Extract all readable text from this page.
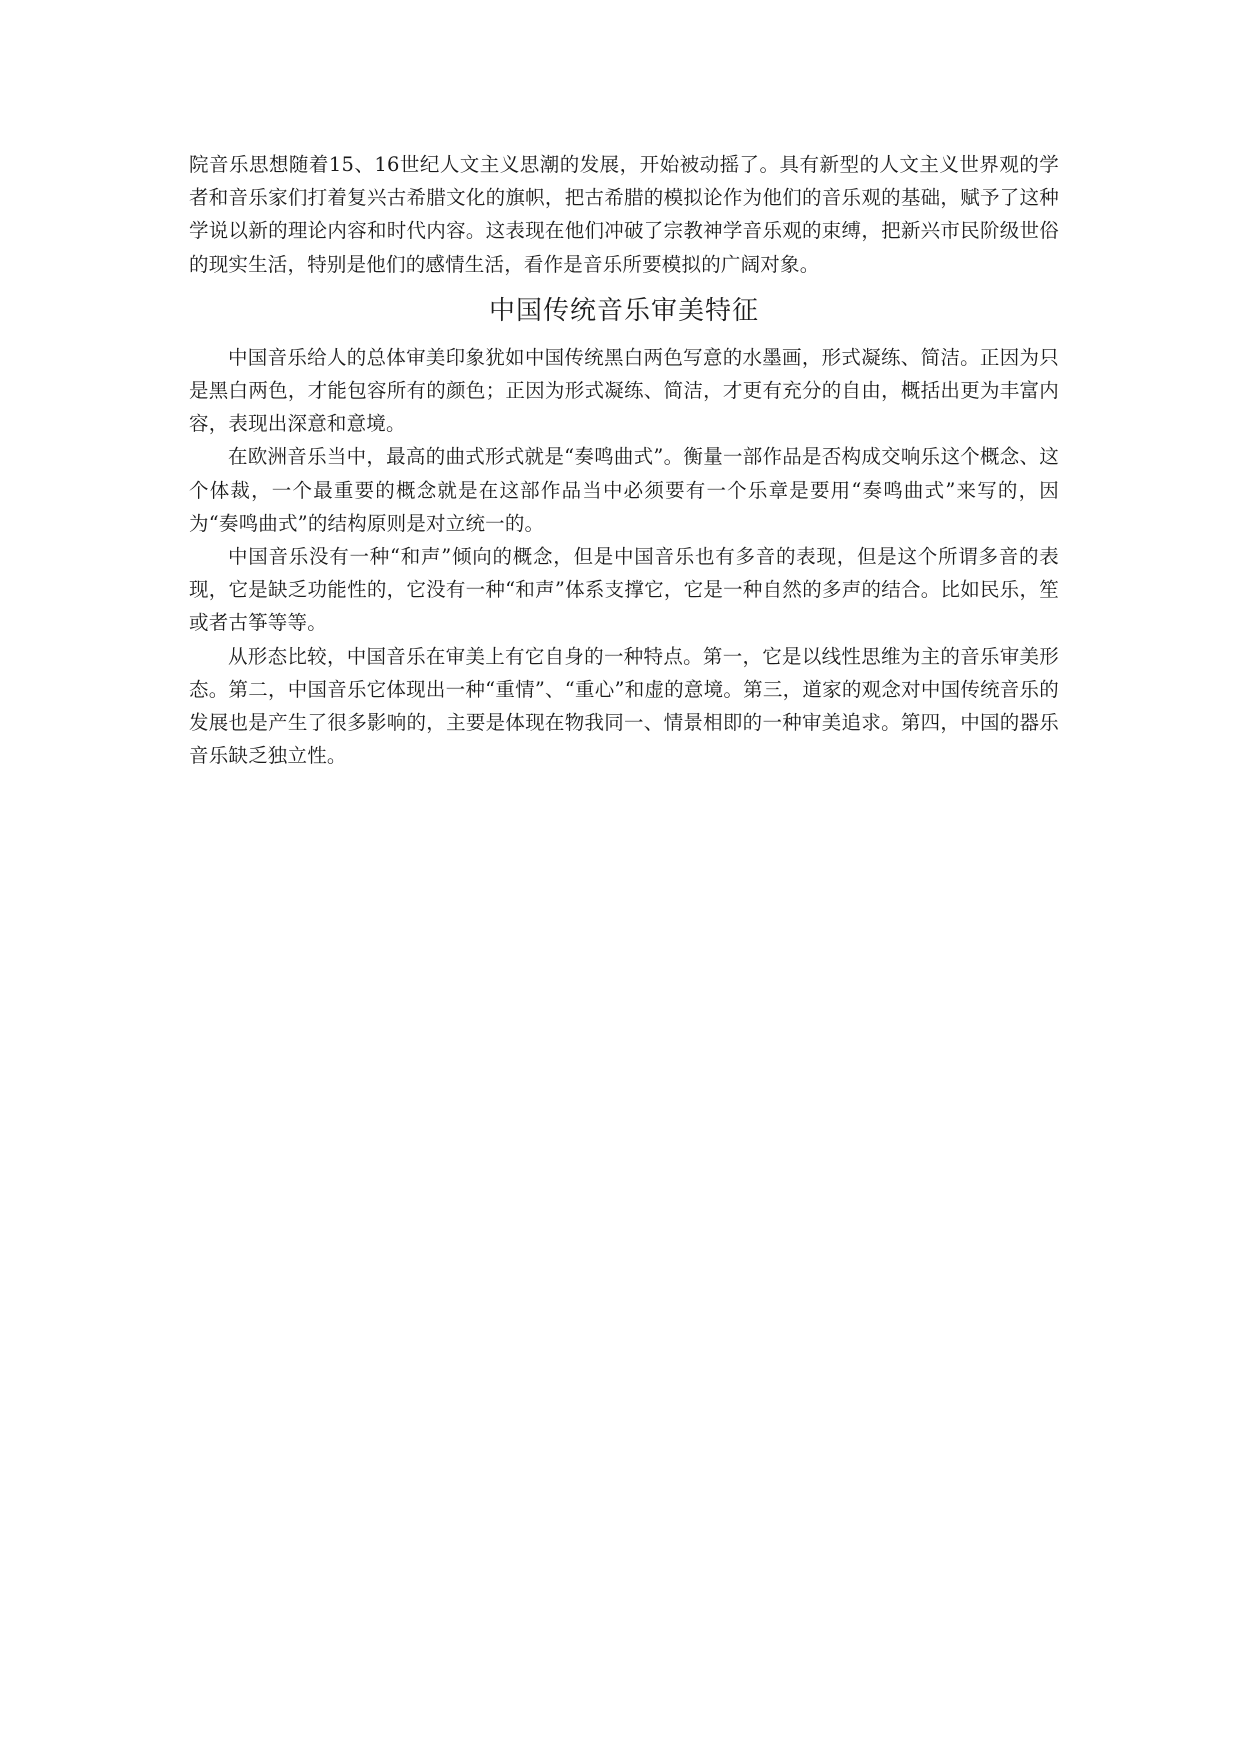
院音乐思想随着15、16世纪人文主义思潮的发展，开始被动摇了。具有新型的人文主义世界观的学者和音乐家们打着复兴古希腊文化的旗帜，把古希腊的模拟论作为他们的音乐观的基础，赋予了这种学说以新的理论内容和时代内容。这表现在他们冲破了宗教神学音乐观的束缚，把新兴市民阶级世俗的现实生活，特别是他们的感情生活，看作是音乐所要模拟的广阔对象。

中国传统音乐审美特征

中国音乐给人的总体审美印象犹如中国传统黑白两色写意的水墨画，形式凝练、简洁。正因为只是黑白两色，才能包容所有的颜色；正因为形式凝练、简洁，才更有充分的自由，概括出更为丰富内容，表现出深意和意境。

在欧洲音乐当中，最高的曲式形式就是“奏鸣曲式”。衡量一部作品是否构成交响乐这个概念、这个体裁，一个最重要的概念就是在这部作品当中必须要有一个乐章是要用“奏鸣曲式”来写的，因为“奏鸣曲式”的结构原则是对立统一的。

中国音乐没有一种“和声”倾向的概念，但是中国音乐也有多音的表现，但是这个所谓多音的表现，它是缺乏功能性的，它没有一种“和声”体系支撑它，它是一种自然的多声的结合。比如民乐，笙或者古筝等等。

从形态比较，中国音乐在审美上有它自身的一种特点。第一，它是以线性思维为主的音乐审美形态。第二，中国音乐它体现出一种“重情”、“重心”和虚的意境。第三，道家的观念对中国传统音乐的发展也是产生了很多影响的，主要是体现在物我同一、情景相即的一种审美追求。第四，中国的器乐音乐缺乏独立性。
